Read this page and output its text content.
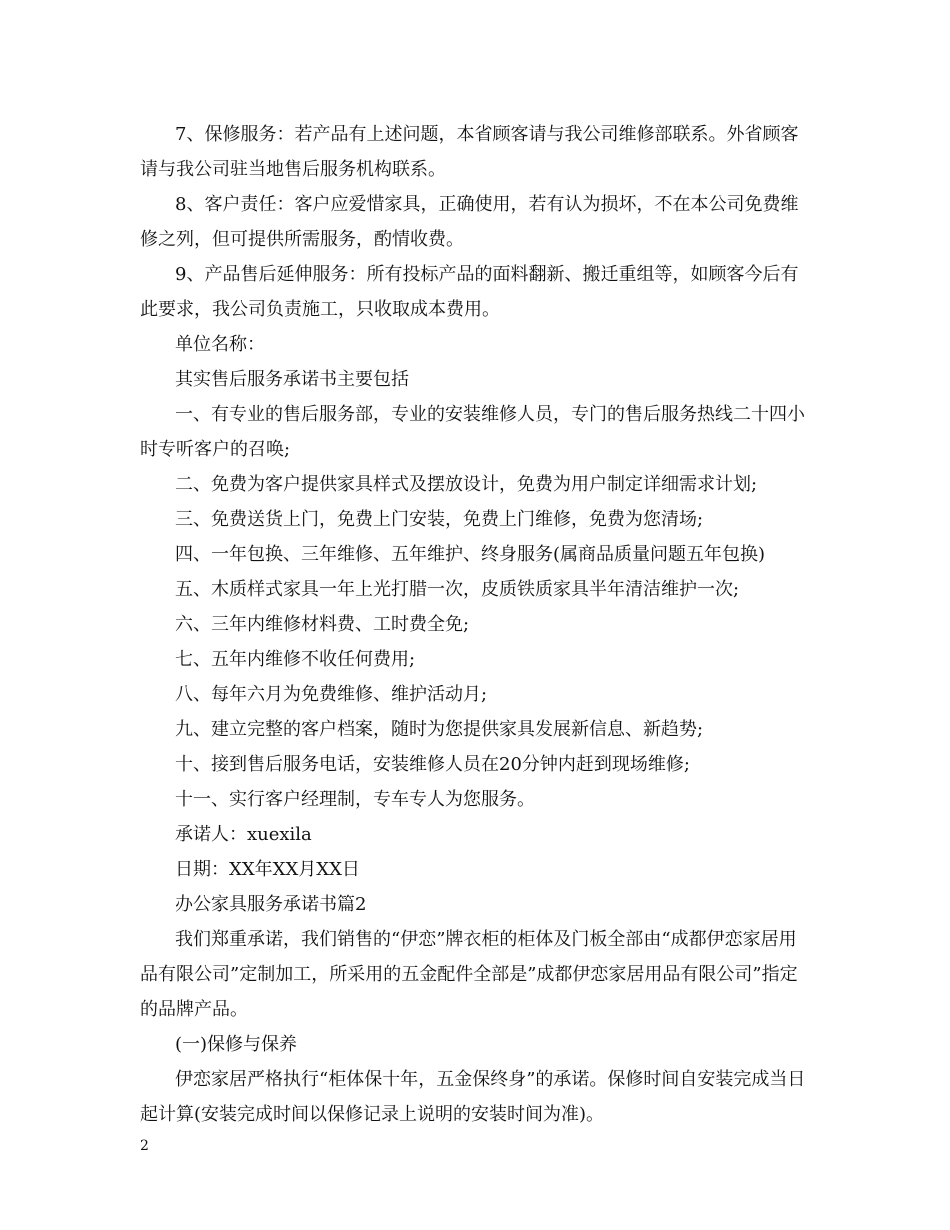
7、保修服务：若产品有上述问题，本省顾客请与我公司维修部联系。外省顾客请与我公司驻当地售后服务机构联系。

8、客户责任：客户应爱惜家具，正确使用，若有认为损坏，不在本公司免费维修之列，但可提供所需服务，酌情收费。

9、产品售后延伸服务：所有投标产品的面料翻新、搬迁重组等，如顾客今后有此要求，我公司负责施工，只收取成本费用。

单位名称：

其实售后服务承诺书主要包括

一、有专业的售后服务部，专业的安装维修人员，专门的售后服务热线二十四小时专听客户的召唤;

二、免费为客户提供家具样式及摆放设计，免费为用户制定详细需求计划;

三、免费送货上门，免费上门安装，免费上门维修，免费为您清场;

四、一年包换、三年维修、五年维护、终身服务(属商品质量问题五年包换)

五、木质样式家具一年上光打腊一次，皮质铁质家具半年清洁维护一次;

六、三年内维修材料费、工时费全免;

七、五年内维修不收任何费用;

八、每年六月为免费维修、维护活动月;

九、建立完整的客户档案，随时为您提供家具发展新信息、新趋势;

十、接到售后服务电话，安装维修人员在20分钟内赶到现场维修;

十一、实行客户经理制，专车专人为您服务。

承诺人：xuexila

日期：XX年XX月XX日

办公家具服务承诺书篇2

我们郑重承诺，我们销售的“伊恋”牌衣柜的柜体及门板全部由“成都伊恋家居用品有限公司”定制加工，所采用的五金配件全部是”成都伊恋家居用品有限公司”指定的品牌产品。

(一)保修与保养

伊恋家居严格执行“柜体保十年，五金保终身”的承诺。保修时间自安装完成当日起计算(安装完成时间以保修记录上说明的安装时间为准)。

2
